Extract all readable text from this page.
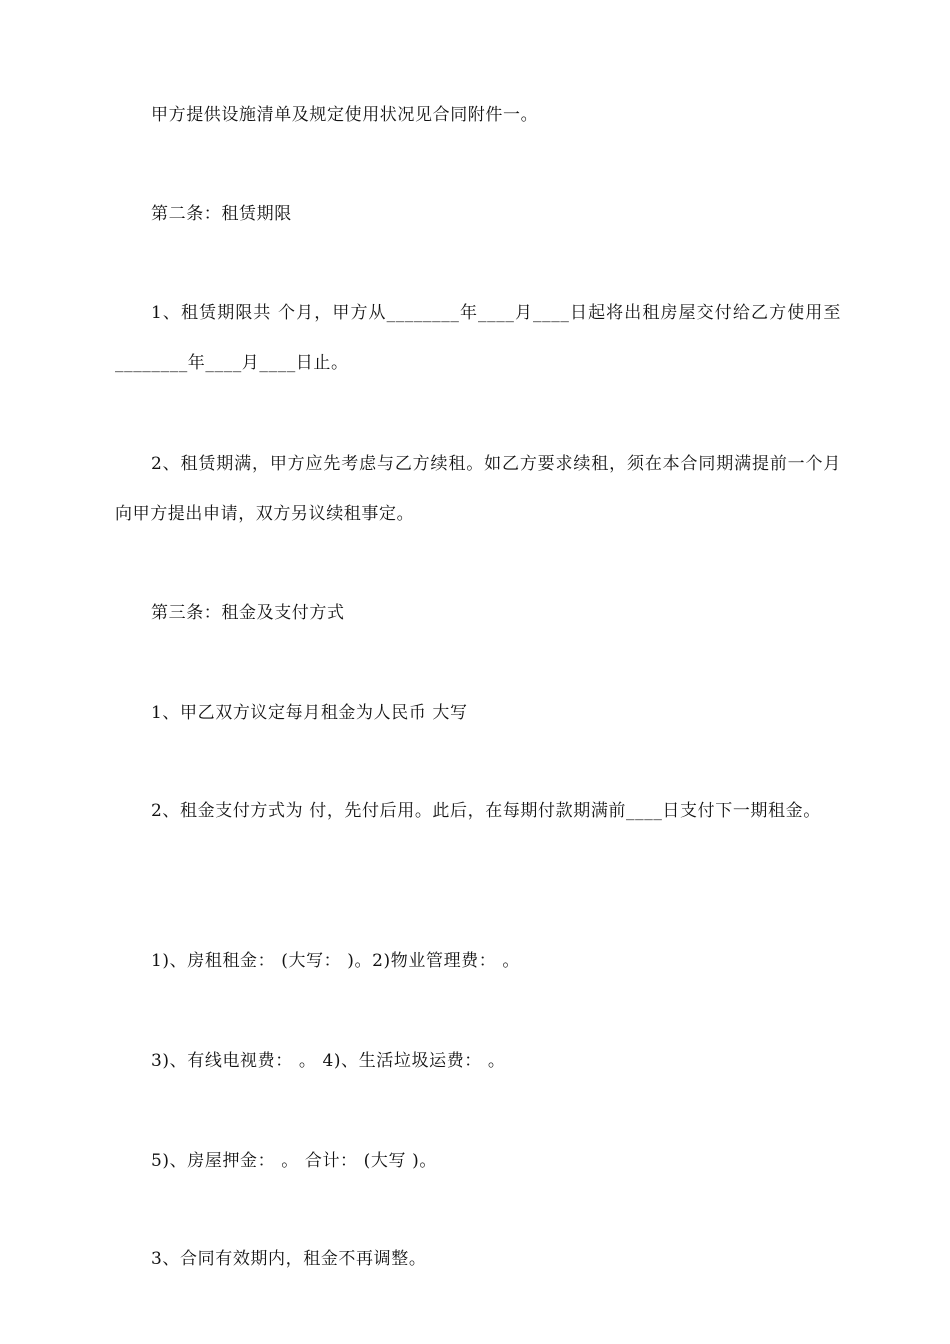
甲方提供设施清单及规定使用状况见合同附件一。

第二条：租赁期限

1、租赁期限共 个月，甲方从________年____月____日起将出租房屋交付给乙方使用至________年____月____日止。

2、租赁期满，甲方应先考虑与乙方续租。如乙方要求续租，须在本合同期满提前一个月向甲方提出申请，双方另议续租事定。

第三条：租金及支付方式

1、甲乙双方议定每月租金为人民币 大写

2、租金支付方式为 付，先付后用。此后，在每期付款期满前____日支付下一期租金。

1)、房租租金： (大写： )。2)物业管理费： 。

3)、有线电视费： 。 4)、生活垃圾运费： 。

5)、房屋押金： 。 合计： (大写 )。

3、合同有效期内，租金不再调整。
